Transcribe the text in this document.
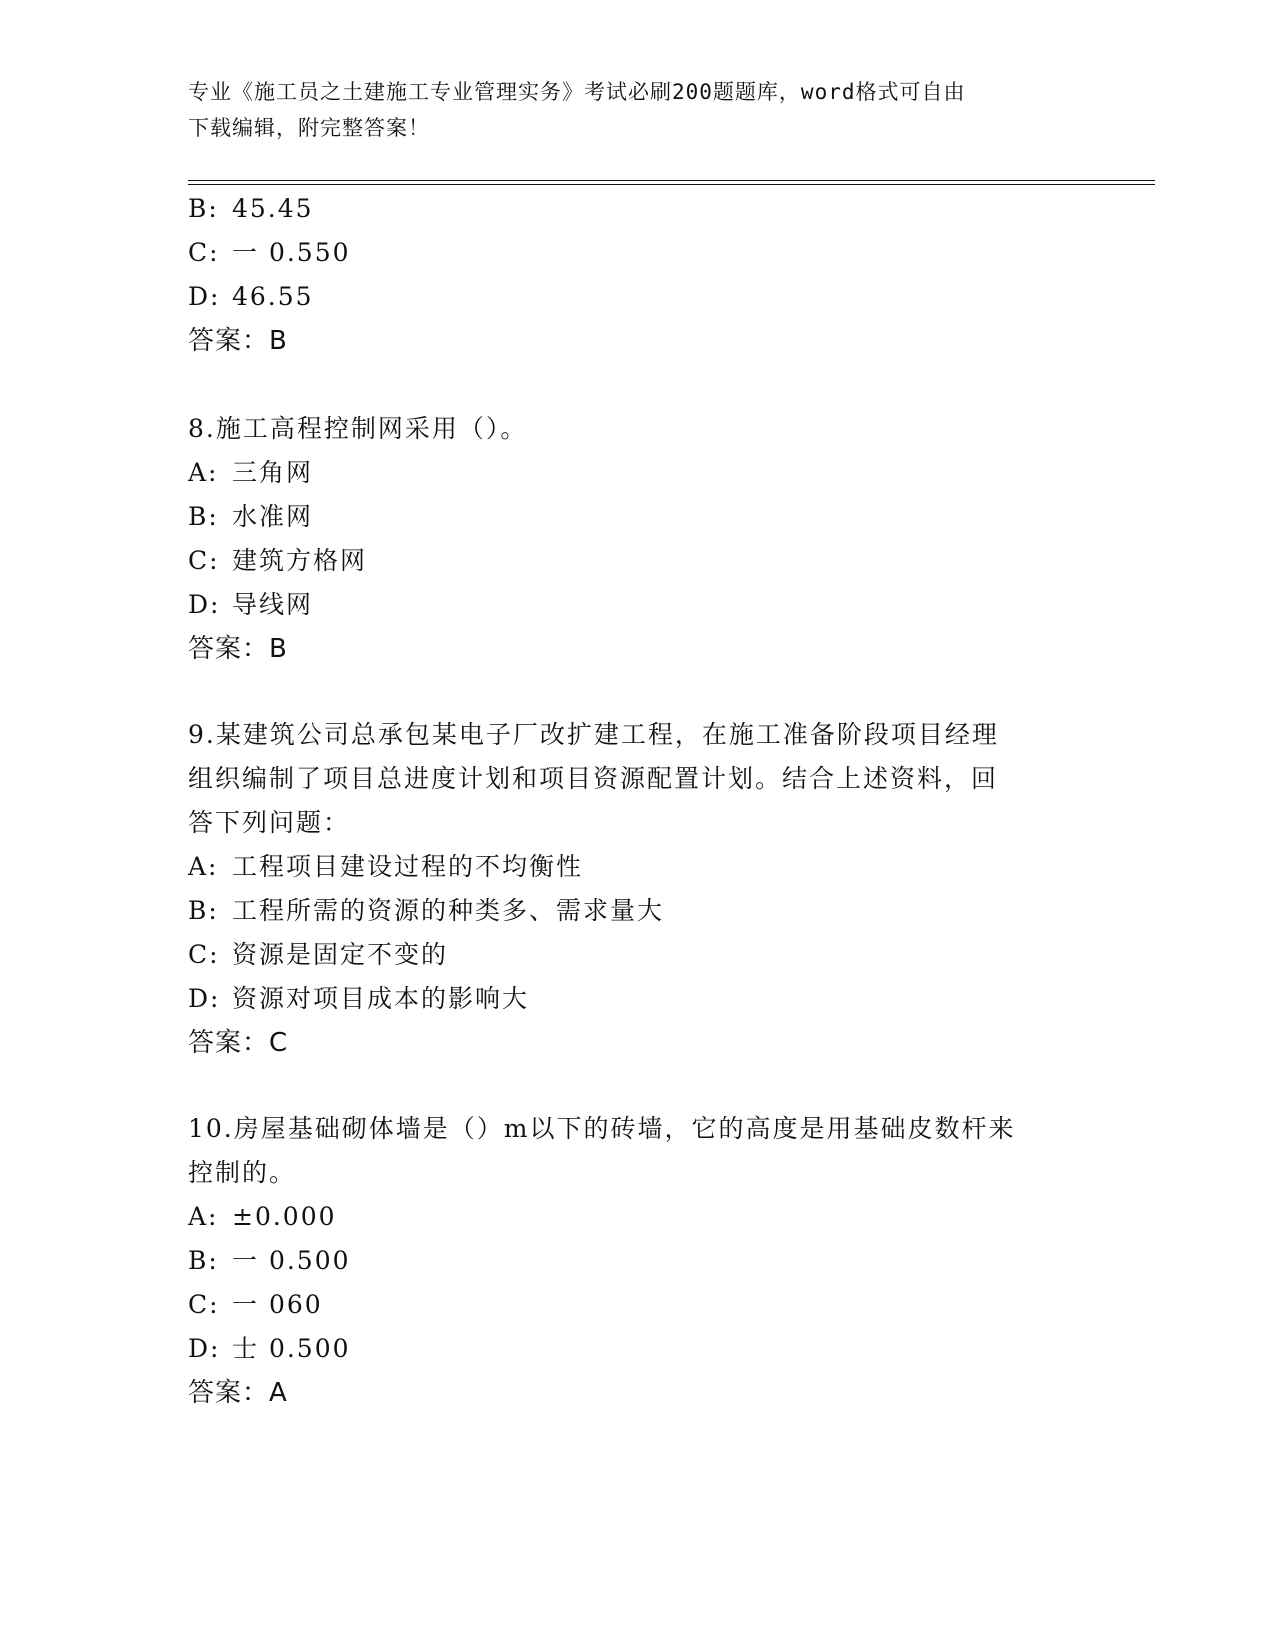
专业《施工员之土建施工专业管理实务》考试必刷200题题库，word格式可自由
下载编辑，附完整答案！
B: 45.45
C: 一 0.550
D: 46.55
答案：B
8.施工高程控制网采用（）。
A: 三角网
B: 水准网
C: 建筑方格网
D: 导线网
答案：B
9.某建筑公司总承包某电子厂改扩建工程，在施工准备阶段项目经理
组织编制了项目总进度计划和项目资源配置计划。结合上述资料，回
答下列问题：
A: 工程项目建设过程的不均衡性
B: 工程所需的资源的种类多、需求量大
C: 资源是固定不变的
D: 资源对项目成本的影响大
答案：C
10.房屋基础砌体墙是（）m以下的砖墙，它的高度是用基础皮数杆来
控制的。
A: ±0.000
B: 一 0.500
C: 一 060
D: 士 0.500
答案：A
